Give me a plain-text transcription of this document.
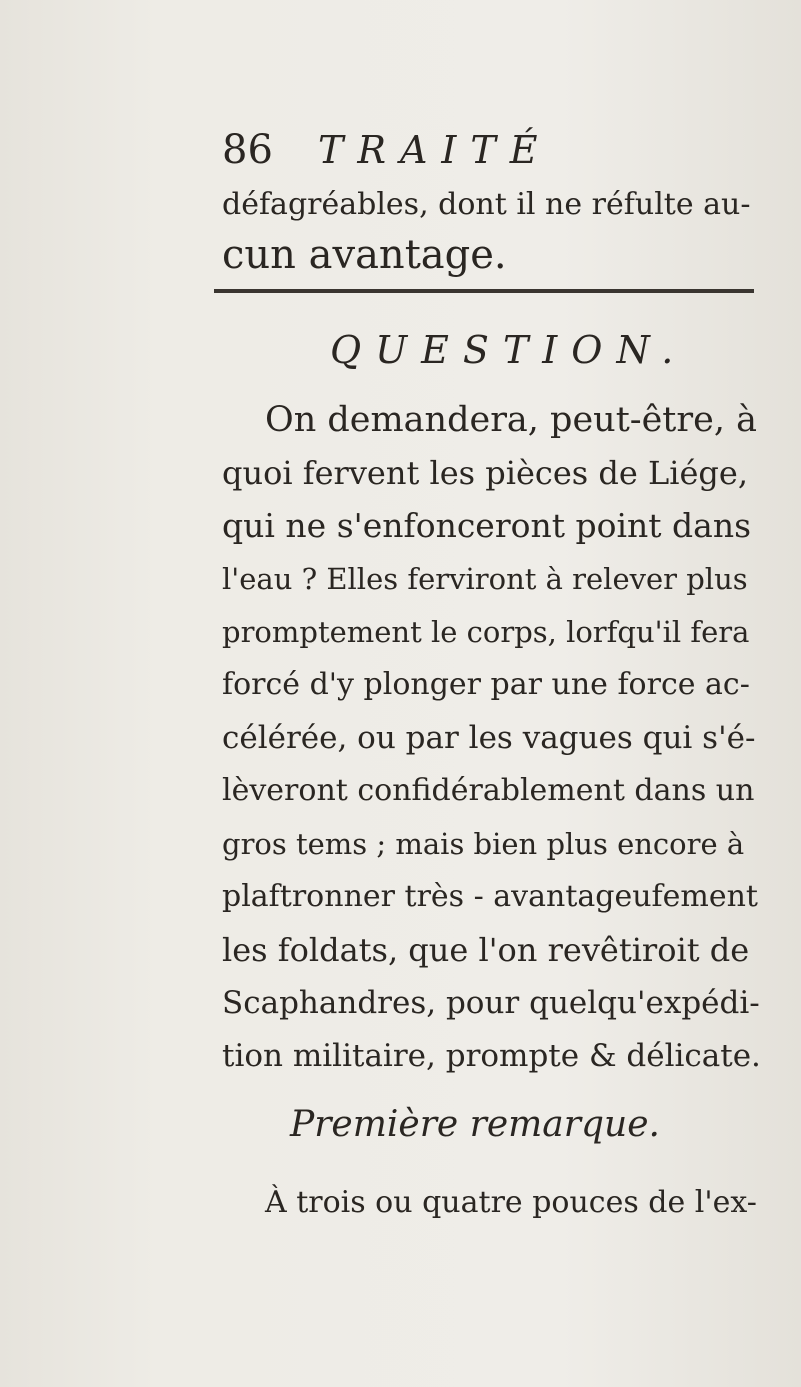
86 TRAITÉ
défagréables, dont il ne réfulte au-
cun avantage.
QUESTION.
On demandera, peut-être, à
quoi fervent les pièces de Liége,
qui ne s'enfonceront point dans
l'eau ? Elles ferviront à relever plus
promptement le corps, lorfqu'il fera
forcé d'y plonger par une force ac-
célérée, ou par les vagues qui s'é-
lèveront confidérablement dans un
gros tems ; mais bien plus encore à
plaftronner très - avantageufement
les foldats, que l'on revêtiroit de
Scaphandres, pour quelqu'expédi-
tion militaire, prompte & délicate.
Première remarque.
À trois ou quatre pouces de l'ex-
